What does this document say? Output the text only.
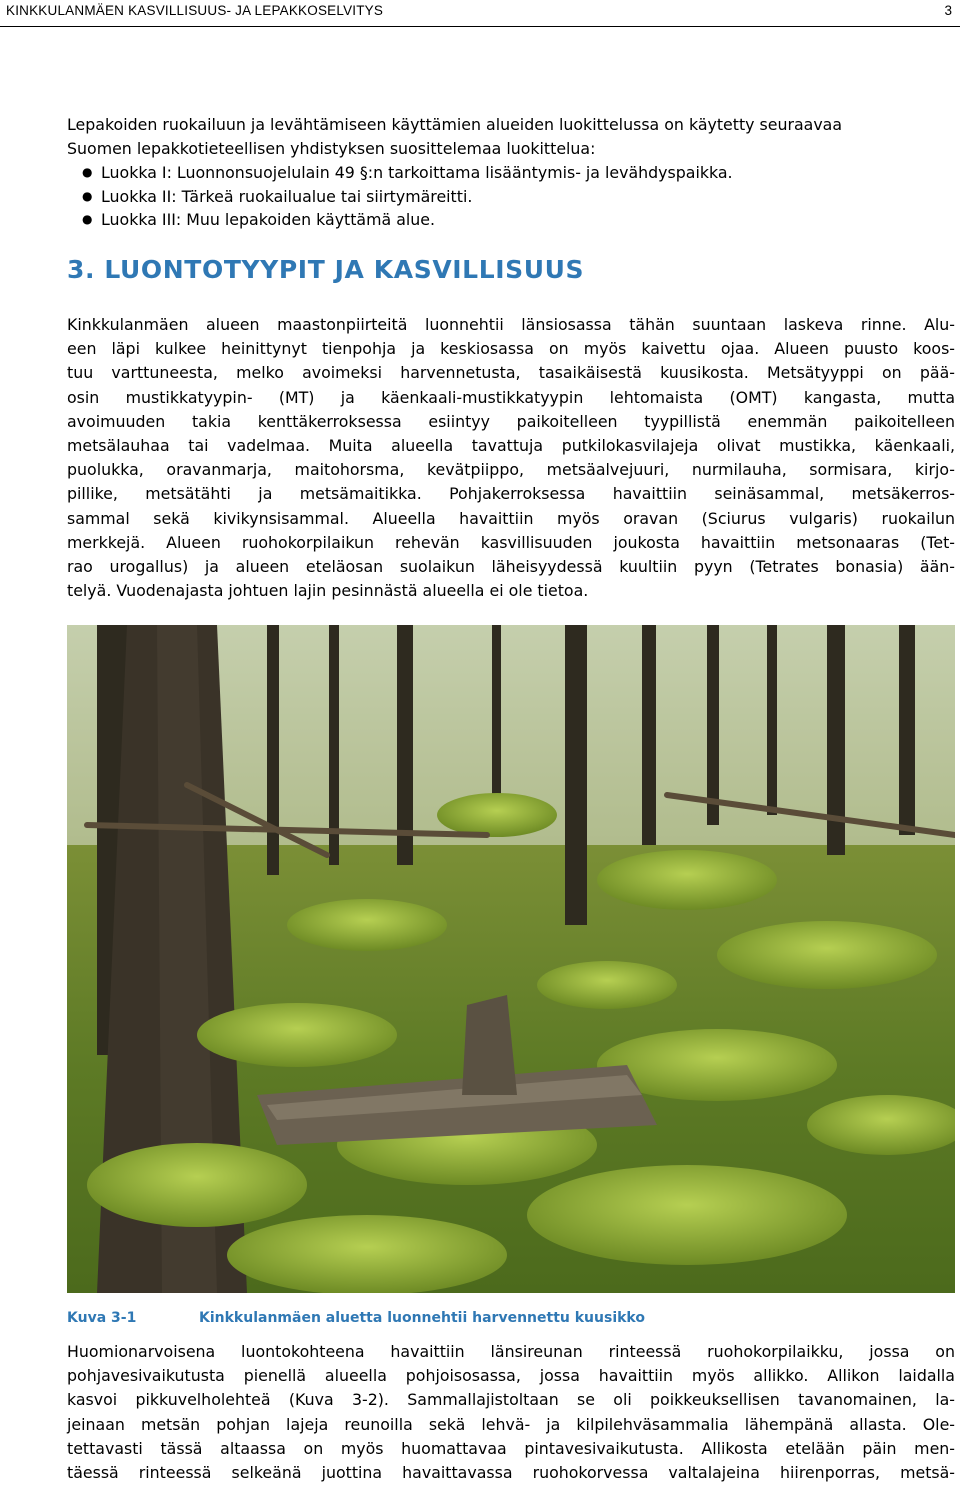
KINKKULANMÄEN KASVILLISUUS- JA LEPAKKOSELVITYS	3

Lepakoiden ruokailuun ja levähtämiseen käyttämien alueiden luokittelussa on käytetty seuraavaa
Suomen lepakkotieteellisen yhdistyksen suosittelemaa luokittelua:

● Luokka I: Luonnonsuojelulain 49 §:n tarkoittama lisääntymis- ja levähdyspaikka.
● Luokka II: Tärkeä ruokailualue tai siirtymäreitti.
● Luokka III: Muu lepakoiden käyttämä alue.
3. LUONTOTYYPIT JA KASVILLISUUS

Kinkkulanmäen alueen maastonpiirteitä luonnehtii länsiosassa tähän suuntaan laskeva rinne. Alu-
een läpi kulkee heinittynyt tienpohja ja keskiosassa on myös kaivettu ojaa. Alueen puusto koos-
tuu varttuneesta, melko avoimeksi harvennetusta, tasaikäisestä kuusikosta. Metsätyyppi on pää-
osin mustikkatyypin- (MT) ja käenkaali-mustikkatyypin lehtomaista (OMT) kangasta, mutta
avoimuuden takia kenttäkerroksessa esiintyy paikoitelleen tyypillistä enemmän paikoitelleen
metsälauhaa tai vadelmaa. Muita alueella tavattuja putkilokasvilajeja olivat mustikka, käenkaali,
puolukka, oravanmarja, maitohorsma, kevätpiippo, metsäalvejuuri, nurmilauha, sormisara, kirjo-
pillike, metsätähti ja metsämaitikka. Pohjakerroksessa havaittiin seinäsammal, metsäkerros-
sammal sekä kivikynsisammal. Alueella havaittiin myös oravan (Sciurus vulgaris) ruokailun
merkkejä. Alueen ruohokorpilaikun rehevän kasvillisuuden joukosta havaittiin metsonaaras (Tet-
rao urogallus) ja alueen eteläosan suolaikun läheisyydessä kuultiin pyyn (Tetrates bonasia) ään-
telyä. Vuodenajasta johtuen lajin pesinnästä alueella ei ole tietoa.

Kuva 3-1	Kinkkulanmäen aluetta luonnehtii harvennettu kuusikko

Huomionarvoisena luontokohteena havaittiin länsireunan rinteessä ruohokorpilaikku, jossa on
pohjavesivaikutusta pienellä alueella pohjoisosassa, jossa havaittiin myös allikko. Allikon laidalla
kasvoi pikkuvelholehteä (Kuva 3-2). Sammallajistoltaan se oli poikkeuksellisen tavanomainen, la-
jeinaan metsän pohjan lajeja reunoilla sekä lehvä- ja kilpilehväsammalia lähempänä allasta. Ole-
tettavasti tässä altaassa on myös huomattavaa pintavesivaikutusta. Allikosta etelään päin men-
täessä rinteessä selkeänä juottina havaittavassa ruohokorvessa valtalajeina hiirenporras, metsä-
